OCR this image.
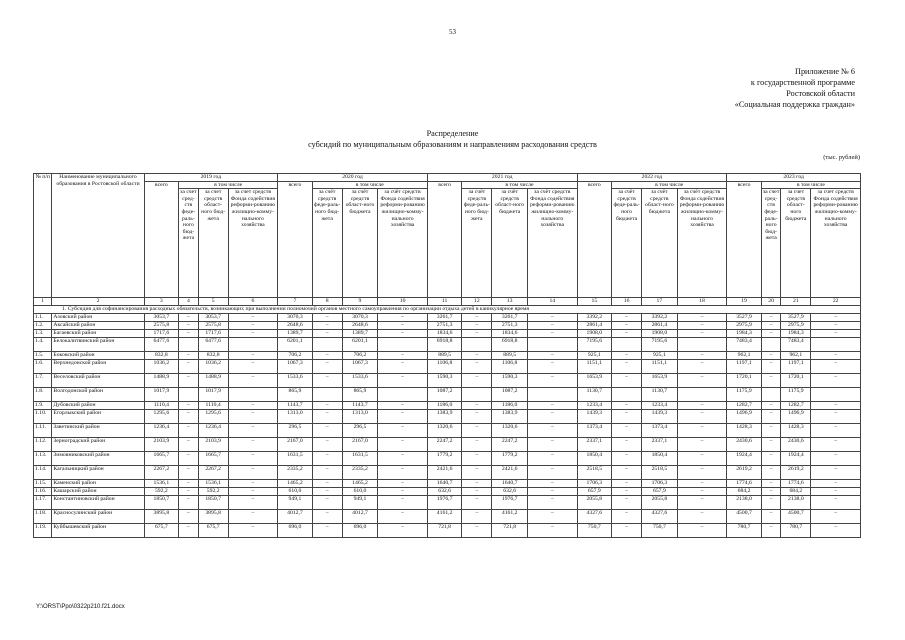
53
Приложение № 6
к государственной программе
Ростовской области
«Социальная поддержка граждан»
Распределение
субсидий по муниципальным образованиям и направлениям расходования средств
(тыс. рублей)
№ п/п	Наименование муниципального образования в Ростовской области	2019 год				2020 год				2021 год				2022 год				2023 год			
		всего	в том числе			всего	в том числе			всего	в том числе			всего	в том числе			всего	в том числе		
			за счет сред-ств феде-раль-ного бюд-жета	за счет средств област-ного бюд-жета	за счет средств Фонда содействия реформи-рованию жилищно-комму-нального хозяйства		за счёт средств феде-раль-ного бюд-жета	за счёт средств област-ного бюджета	за счёт средств Фонда содействия реформи-рованию жилищно-комму-нального хозяйства		за счёт средств феде-раль-ного бюд-жета	за счёт средств област-ного бюджета	за счёт средств Фонда содействия реформи-рованию жилищно-комму-нального хозяйства		за счёт средств феде-раль-ного бюджета	за счёт средств област-ного бюджета	за счёт средств Фонда содействия реформи-рованию жилищно-комму-нального хозяйства		за счет сред-ств феде-раль-ного бюд-жета	за счет средств област-ного бюджета	за счет средств Фонда содействия реформи-рованию жилищно-комму-нального хозяйства
1	2	3	4	5	6	7	8	9	10	11	12	13	14	15	16	17	18	19	20	21	22
1. Субсидия для софинансирования расходных обязательств, возникающих при выполнении полномочий органов местного самоуправления по организации отдыха детей в каникулярное время																					
1.1.	Азовский район	3053,7	–	3053,7	–	3070,3	–	3070,3	–	3261,7	–	3261,7	–	3392,2	–	3392,2	–	3527,9	–	3527,9	–
1.2.	Аксайский район	2575,8	–	2575,8	–	2648,6	–	2648,6	–	2751,3	–	2751,3	–	2861,4	–	2861,4	–	2975,9	–	2975,9	–
1.3.	Багаевский район	1717,6	–	1717,6	–	1389,7	–	1389,7	–	1834,6	–	1834,6	–	1908,0	–	1908,0	–	1984,3	–	1984,3	–
1.4.	Белокалитвинский район	6477,6		6477,6		6201,1		6201,1		6918,8		6918,8		7195,6		7195,6		7483,4		7483,4	
1.5.	Боковский район	832,8	–	832,8	–	706,2	–	706,2	–	889,5	–	889,5	–	925,1	–	925,1	–	962,1	–	962,1	–
1.6.	Верхнедонской район	1036,2	–	1036,2	–	1067,3	–	1067,3	–	1106,8	–	1106,8	–	1151,1	–	1151,1	–	1197,1	–	1197,1	–
1.7.	Веселовский район	1488,9	–	1488,9	–	1533,6	–	1533,6	–	1590,3	–	1590,3	–	1653,9	–	1653,9	–	1720,1	–	1720,1	–
1.8.	Волгодонской район	1017,9		1017,9		865,9		865,9		1087,2		1087,2		1130,7		1130,7		1175,9		1175,9	
1.9.	Дубовский район	1110,4	–	1110,4	–	1143,7	–	1143,7	–	1186,0	–	1186,0	–	1233,4	–	1233,4	–	1282,7	–	1282,7	–
1.10.	Егорлыкский район	1295,6	–	1295,6	–	1313,0	–	1313,0	–	1383,9	–	1383,9	–	1439,3	–	1439,3	–	1496,9	–	1496,9	–
1.11.	Заветинский район	1236,4	–	1236,4	–	296,5	–	296,5	–	1320,6	–	1320,6	–	1373,4	–	1373,4	–	1428,3	–	1428,3	–
1.12.	Зерноградский район	2103,9	–	2103,9	–	2167,0	–	2167,0	–	2247,2	–	2247,2	–	2337,1	–	2337,1	–	2430,6	–	2430,6	–
1.13.	Зимовниковский район	1665,7	–	1665,7	–	1631,5	–	1631,5	–	1779,2	–	1779,2	–	1850,4	–	1850,4	–	1924,4	–	1924,4	–
1.14.	Кагальницкий район	2267,2	–	2267,2	–	2335,2	–	2335,2	–	2421,6	–	2421,6	–	2518,5	–	2518,5	–	2619,2	–	2619,2	–
1.15.	Каменский район	1536,1	–	1536,1	–	1465,2	–	1465,2	–	1640,7	–	1640,7	–	1706,3	–	1706,3	–	1774,6	–	1774,6	–
1.16.	Кашарский район	592,2	–	592,2	–	610,0	–	610,0	–	632,6	–	632,6	–	657,9	–	657,9	–	684,2	–	684,2	–
1.17.	Константиновский район	1850,7	–	1850,7	–	949,1	–	949,1	–	1976,7	–	1976,7	–	2055,8	–	2055,8	–	2138,0	–	2138,0	–
1.18.	Красносулинский район	3895,8	–	3895,8	–	4012,7	–	4012,7	–	4161,2	–	4161,2	–	4327,6	–	4327,6	–	4500,7	–	4500,7	–
1.19.	Куйбышевский район	675,7	–	675,7	–	696,0	–	696,0	–	721,8	–	721,8	–	750,7	–	750,7	–	780,7	–	780,7	–
Y:\ORST\Ppo\0322p210.f21.docx
